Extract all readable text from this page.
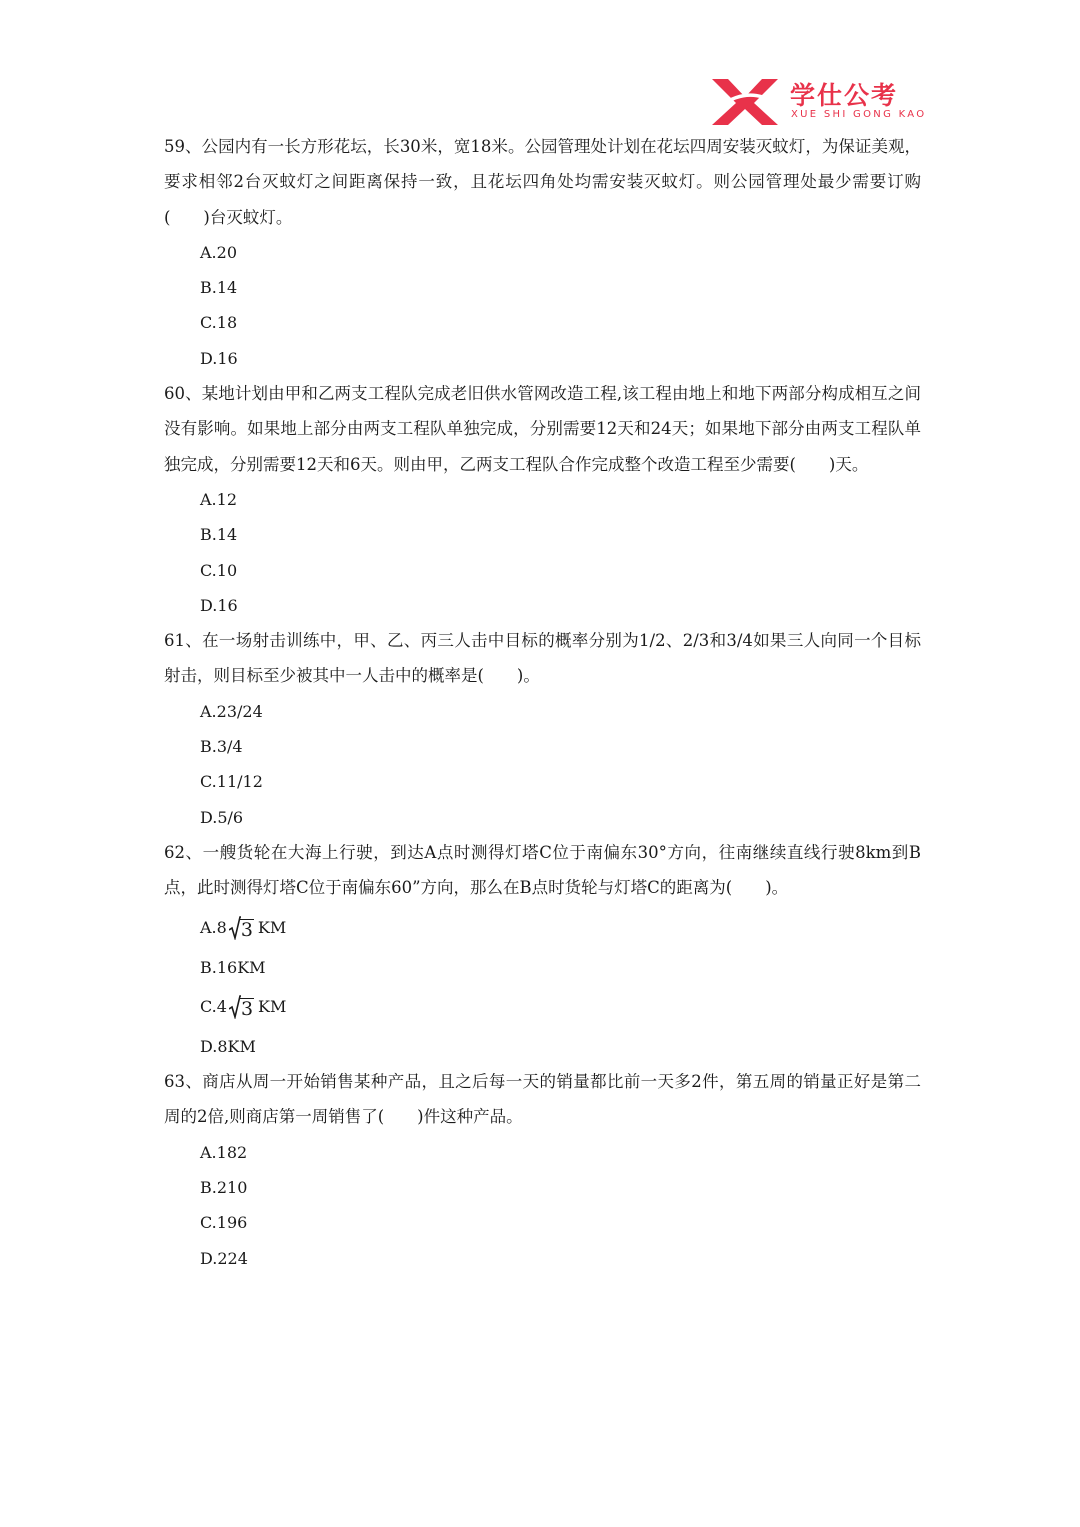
学仕公考
XUE SHI GONG KAO

59、公园内有一长方形花坛，长30米，宽18米。公园管理处计划在花坛四周安装灭蚊灯，为保证美观，要求相邻2台灭蚊灯之间距离保持一致，且花坛四角处均需安装灭蚊灯。则公园管理处最少需要订购(　　)台灭蚊灯。

A.20
B.14
C.18
D.16

60、某地计划由甲和乙两支工程队完成老旧供水管网改造工程,该工程由地上和地下两部分构成相互之间没有影响。如果地上部分由两支工程队单独完成，分别需要12天和24天；如果地下部分由两支工程队单独完成，分别需要12天和6天。则由甲，乙两支工程队合作完成整个改造工程至少需要(　　)天。

A.12
B.14
C.10
D.16

61、在一场射击训练中，甲、乙、丙三人击中目标的概率分别为1/2、2/3和3/4如果三人向同一个目标射击，则目标至少被其中一人击中的概率是(　　)。

A.23/24
B.3/4
C.11/12
D.5/6

62、一艘货轮在大海上行驶，到达A点时测得灯塔C位于南偏东30°方向，往南继续直线行驶8km到B点，此时测得灯塔C位于南偏东60”方向，那么在B点时货轮与灯塔C的距离为(　　)。

A.8 3 KM
B.16KM
C.4 3 KM
D.8KM

63、商店从周一开始销售某种产品，且之后每一天的销量都比前一天多2件，第五周的销量正好是第二周的2倍,则商店第一周销售了(　　)件这种产品。

A.182
B.210
C.196
D.224
